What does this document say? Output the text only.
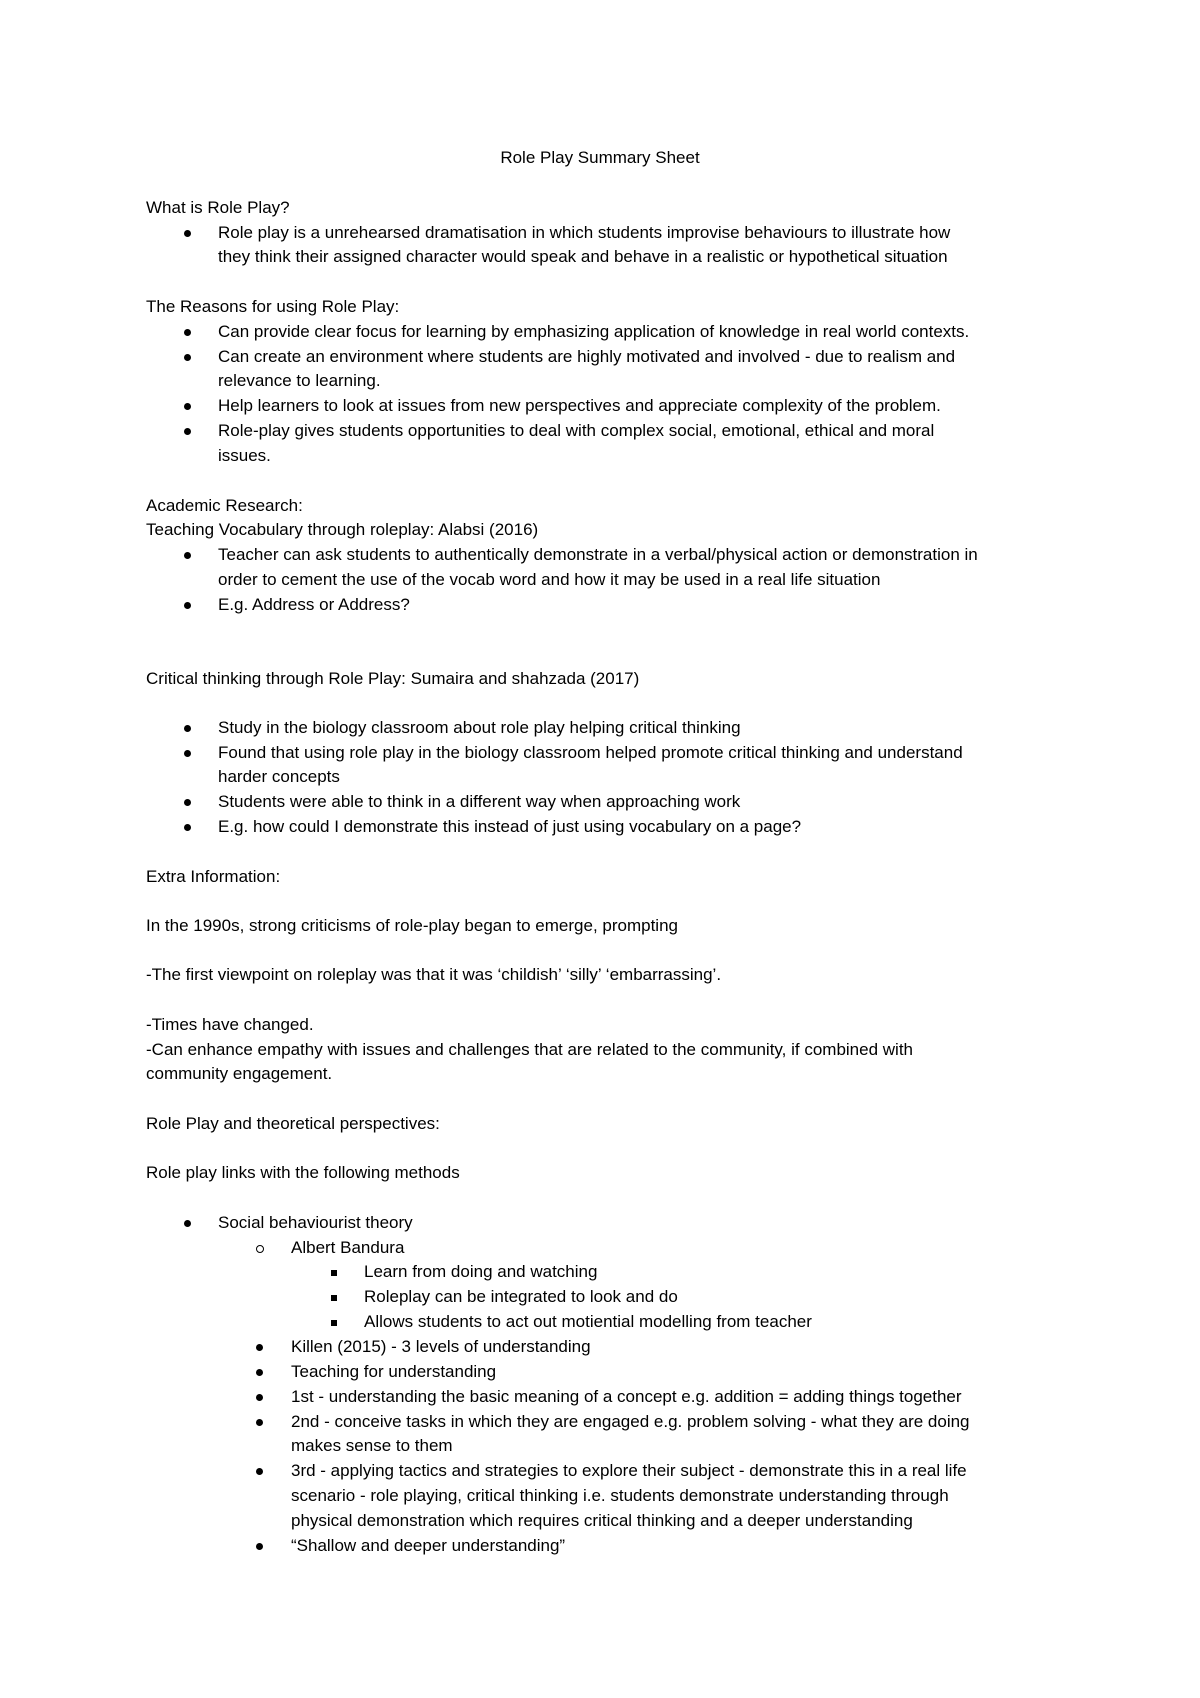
Role Play Summary Sheet
What is Role Play?
Role play is a unrehearsed dramatisation in which students improvise behaviours to illustrate how
they think their assigned character would speak and behave in a realistic or hypothetical situation
The Reasons for using Role Play:
Can provide clear focus for learning by emphasizing application of knowledge in real world contexts.
Can create an environment where students are highly motivated and involved - due to realism and
relevance to learning.
Help learners to look at issues from new perspectives and appreciate complexity of the problem.
Role-play gives students opportunities to deal with complex social, emotional, ethical and moral
issues.
Academic Research:
Teaching Vocabulary through roleplay: Alabsi (2016)
Teacher can ask students to authentically demonstrate in a verbal/physical action or demonstration in
order to cement the use of the vocab word and how it may be used in a real life situation
E.g. Address or Address?
Critical thinking through Role Play: Sumaira and shahzada (2017)
Study in the biology classroom about role play helping critical thinking
Found that using role play in the biology classroom helped promote critical thinking and understand
harder concepts
Students were able to think in a different way when approaching work
E.g. how could I demonstrate this instead of just using vocabulary on a page?
Extra Information:
In the 1990s, strong criticisms of role-play began to emerge, prompting
-The first viewpoint on roleplay was that it was ‘childish’ ‘silly’ ‘embarrassing’.
-Times have changed.
-Can enhance empathy with issues and challenges that are related to the community, if combined with
community engagement.
Role Play and theoretical perspectives:
Role play links with the following methods
Social behaviourist theory
Albert Bandura
Learn from doing and watching
Roleplay can be integrated to look and do
Allows students to act out motiential modelling from teacher
Killen (2015) - 3 levels of understanding
Teaching for understanding
1st - understanding the basic meaning of a concept e.g. addition = adding things together
2nd - conceive tasks in which they are engaged e.g. problem solving - what they are doing
makes sense to them
3rd - applying tactics and strategies to explore their subject - demonstrate this in a real life
scenario - role playing, critical thinking i.e. students demonstrate understanding through
physical demonstration which requires critical thinking and a deeper understanding
“Shallow and deeper understanding”
